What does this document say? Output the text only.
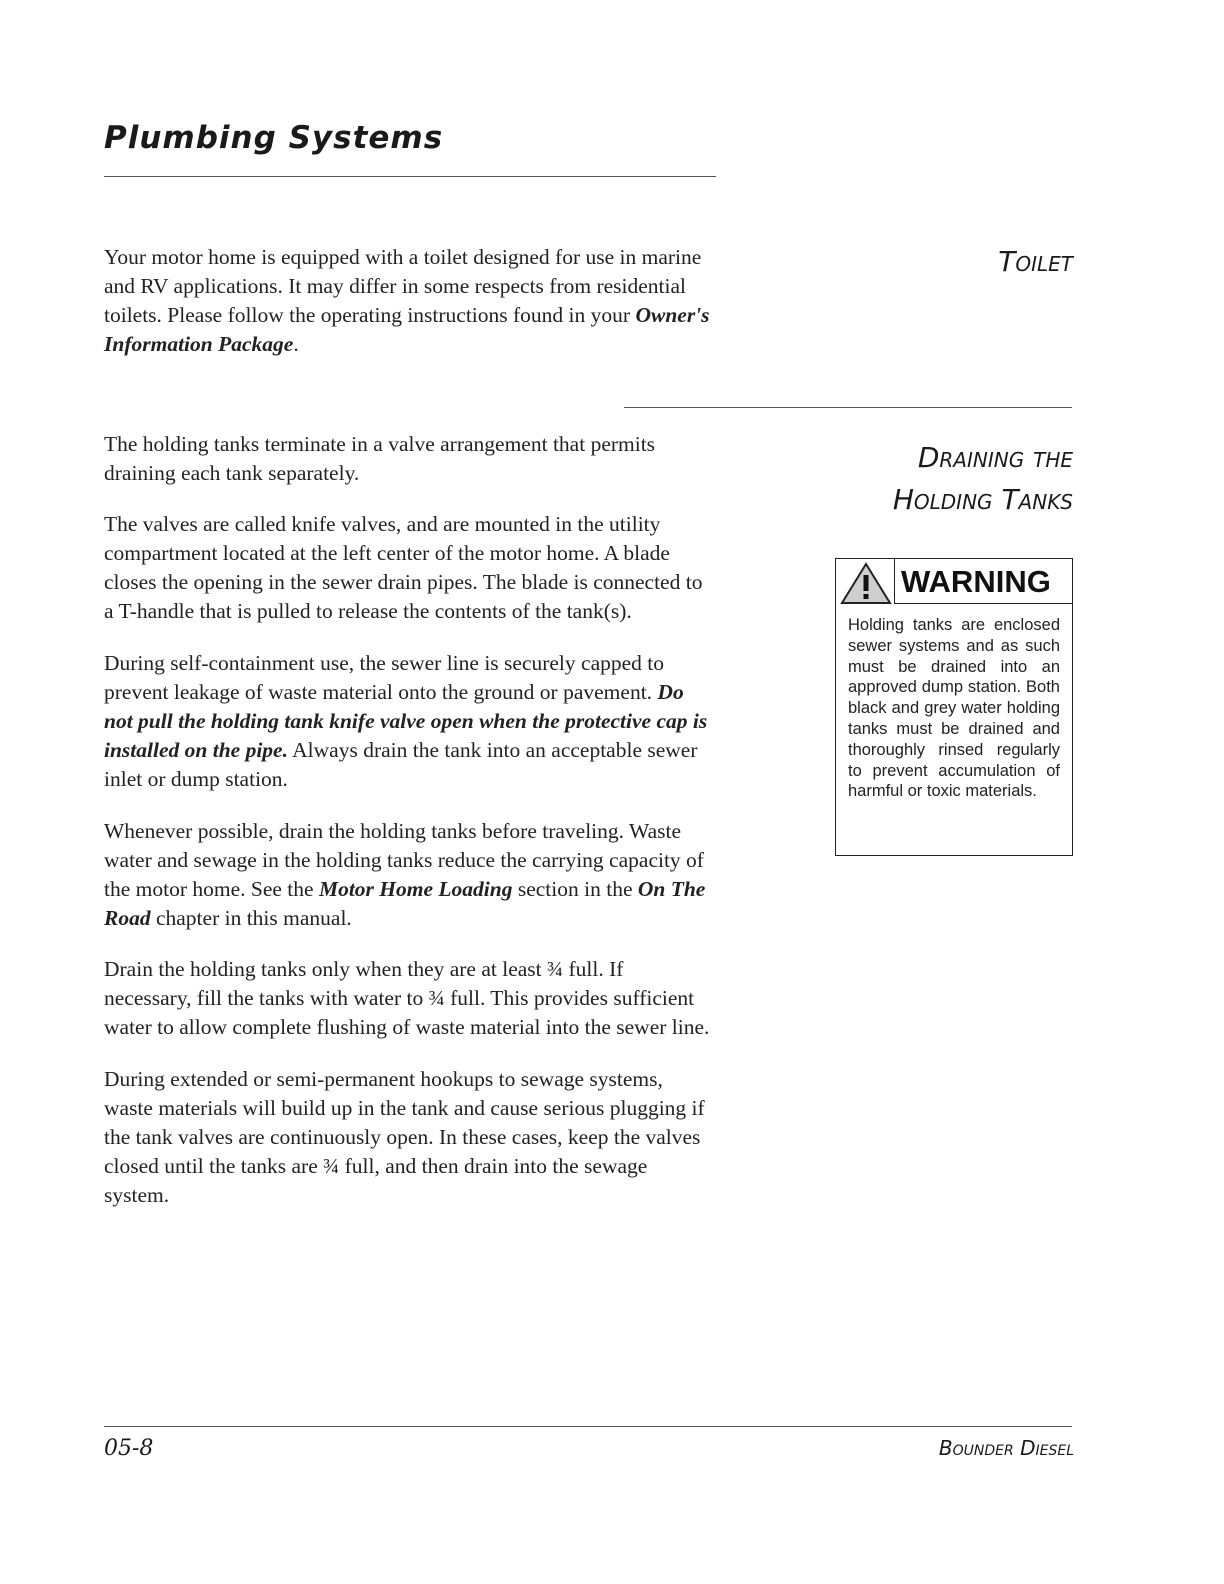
Plumbing Systems

Your motor home is equipped with a toilet designed for use in marine and RV applications. It may differ in some respects from residential toilets. Please follow the operating instructions found in your Owner's Information Package.

Toilet
Draining the
Holding Tanks

The holding tanks terminate in a valve arrangement that permits draining each tank separately.

The valves are called knife valves, and are mounted in the utility compartment located at the left center of the motor home. A blade closes the opening in the sewer drain pipes. The blade is connected to a T-handle that is pulled to release the contents of the tank(s).

During self-containment use, the sewer line is securely capped to prevent leakage of waste material onto the ground or pavement. Do not pull the holding tank knife valve open when the protective cap is installed on the pipe. Always drain the tank into an acceptable sewer inlet or dump station.

Whenever possible, drain the holding tanks before traveling. Waste water and sewage in the holding tanks reduce the carrying capacity of the motor home. See the Motor Home Loading section in the On The Road chapter in this manual.

Drain the holding tanks only when they are at least ¾ full. If necessary, fill the tanks with water to ¾ full. This provides sufficient water to allow complete flushing of waste material into the sewer line.

During extended or semi-permanent hookups to sewage systems, waste materials will build up in the tank and cause serious plugging if the tank valves are continuously open. In these cases, keep the valves closed until the tanks are ¾ full, and then drain into the sewage system.

WARNING
Holding tanks are enclosed sewer systems and as such must be drained into an approved dump station. Both black and grey water holding tanks must be drained and thoroughly rinsed regularly to prevent accumulation of harmful or toxic materials.
05-8	Bounder Diesel
